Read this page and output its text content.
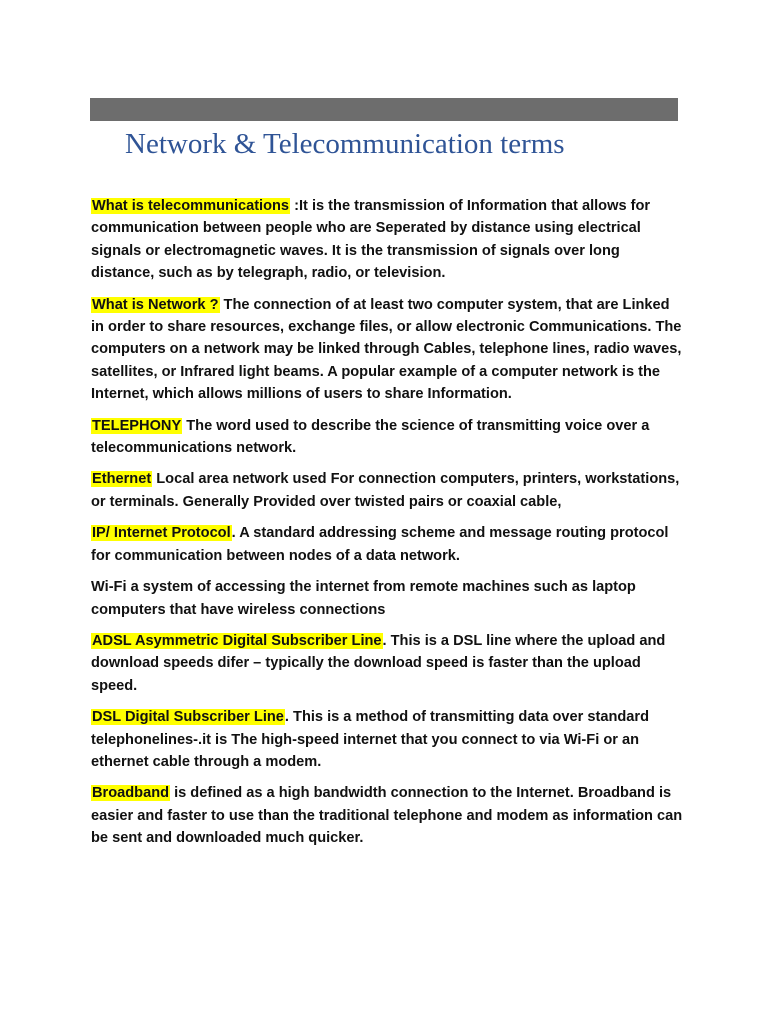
Network & Telecommunication terms

What is telecommunications :It is the transmission of Information that allows for communication between people who are Seperated by distance using electrical signals or electromagnetic waves. It is the transmission of signals over long distance, such as by telegraph, radio, or television.

What is Network ? The connection of at least two computer system, that are Linked in order to share resources, exchange files, or allow electronic Communications. The computers on a network may be linked through Cables, telephone lines, radio waves, satellites, or Infrared light beams. A popular example of a computer network is the Internet, which allows millions of users to share Information.

TELEPHONY The word used to describe the science of transmitting voice over a telecommunications network.

Ethernet Local area network used For connection computers, printers, workstations, or terminals. Generally Provided over twisted pairs or coaxial cable,

IP/ Internet Protocol. A standard addressing scheme and message routing protocol for communication between nodes of a data network.

Wi-Fi a system of accessing the internet from remote machines such as laptop computers that have wireless connections

ADSL Asymmetric Digital Subscriber Line. This is a DSL line where the upload and download speeds difer – typically the download speed is faster than the upload speed.

DSL Digital Subscriber Line. This is a method of transmitting data over standard telephonelines-.it is The high-speed internet that you connect to via Wi-Fi or an ethernet cable through a modem.

Broadband is defined as a high bandwidth connection to the Internet. Broadband is easier and faster to use than the traditional telephone and modem as information can be sent and downloaded much quicker.
